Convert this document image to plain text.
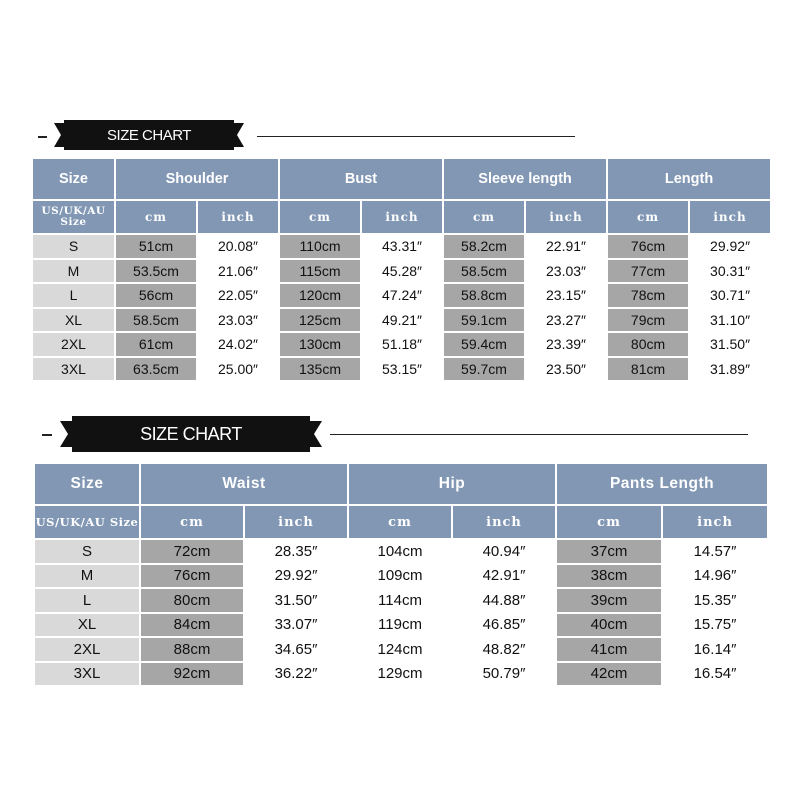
SIZE CHART
Size	Shoulder		Bust		Sleeve length		Length	
US/UK/AU Size	cm	inch	cm	inch	cm	inch	cm	inch
S	51cm	20.08″	110cm	43.31″	58.2cm	22.91″	76cm	29.92″
M	53.5cm	21.06″	115cm	45.28″	58.5cm	23.03″	77cm	30.31″
L	56cm	22.05″	120cm	47.24″	58.8cm	23.15″	78cm	30.71″
XL	58.5cm	23.03″	125cm	49.21″	59.1cm	23.27″	79cm	31.10″
2XL	61cm	24.02″	130cm	51.18″	59.4cm	23.39″	80cm	31.50″
3XL	63.5cm	25.00″	135cm	53.15″	59.7cm	23.50″	81cm	31.89″
SIZE CHART
Size	Waist		Hip		Pants Length	
US/UK/AU Size	cm	inch	cm	inch	cm	inch
S	72cm	28.35″	104cm	40.94″	37cm	14.57″
M	76cm	29.92″	109cm	42.91″	38cm	14.96″
L	80cm	31.50″	114cm	44.88″	39cm	15.35″
XL	84cm	33.07″	119cm	46.85″	40cm	15.75″
2XL	88cm	34.65″	124cm	48.82″	41cm	16.14″
3XL	92cm	36.22″	129cm	50.79″	42cm	16.54″
